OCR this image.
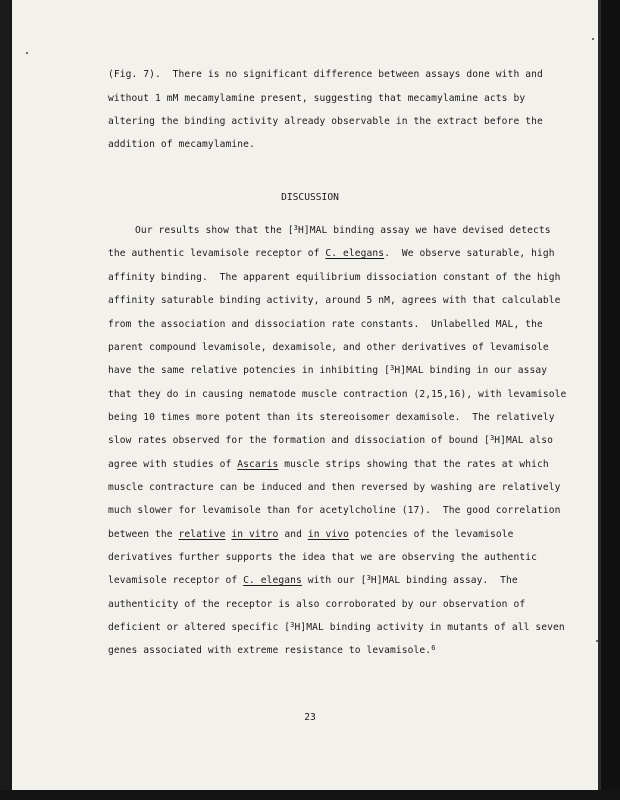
(Fig. 7).  There is no significant difference between assays done with and

without 1 mM mecamylamine present, suggesting that mecamylamine acts by

altering the binding activity already observable in the extract before the

addition of mecamylamine.

DISCUSSION

Our results show that the [$^3$H]MAL binding assay we have devised detects

the authentic levamisole receptor of C. elegans.  We observe saturable, high

affinity binding.  The apparent equilibrium dissociation constant of the high

affinity saturable binding activity, around 5 nM, agrees with that calculable

from the association and dissociation rate constants.  Unlabelled MAL, the

parent compound levamisole, dexamisole, and other derivatives of levamisole

have the same relative potencies in inhibiting [$^3$H]MAL binding in our assay

that they do in causing nematode muscle contraction (2,15,16), with levamisole

being 10 times more potent than its stereoisomer dexamisole.  The relatively

slow rates observed for the formation and dissociation of bound [$^3$H]MAL also

agree with studies of Ascaris muscle strips showing that the rates at which

muscle contracture can be induced and then reversed by washing are relatively

much slower for levamisole than for acetylcholine (17).  The good correlation

between the relative in vitro and in vivo potencies of the levamisole

derivatives further supports the idea that we are observing the authentic

levamisole receptor of C. elegans with our [$^3$H]MAL binding assay.  The

authenticity of the receptor is also corroborated by our observation of

deficient or altered specific [$^3$H]MAL binding activity in mutants of all seven

genes associated with extreme resistance to levamisole.$^6$

23
